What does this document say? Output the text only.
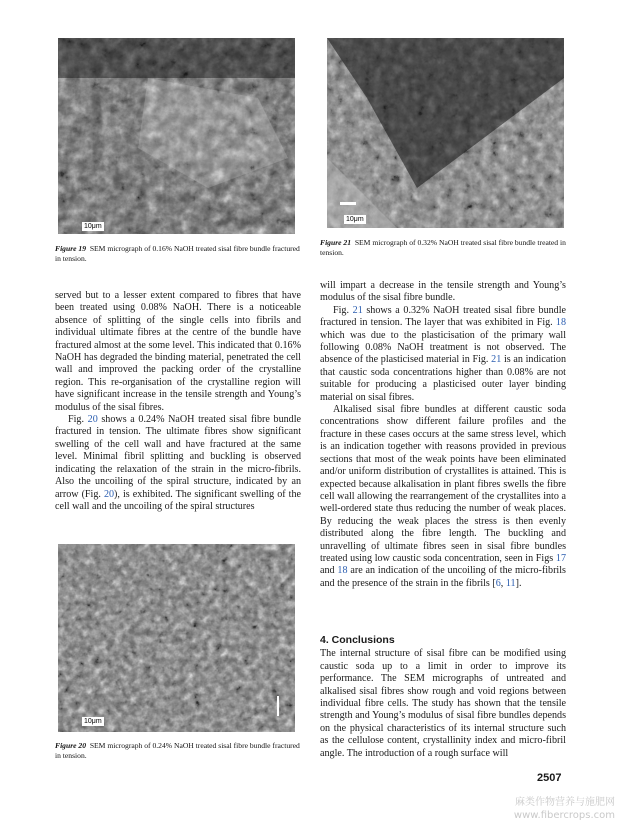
10μm
Figure 19 SEM micrograph of 0.16% NaOH treated sisal fibre bundle fractured in tension.
10μm
Figure 21 SEM micrograph of 0.32% NaOH treated sisal fibre bundle treated in tension.
10μm
Figure 20 SEM micrograph of 0.24% NaOH treated sisal fibre bundle fractured in tension.

served but to a lesser extent compared to fibres that have been treated using 0.08% NaOH. There is a noticeable absence of splitting of the single cells into fibrils and individual ultimate fibres at the centre of the bundle have fractured almost at the some level. This indicated that 0.16% NaOH has degraded the binding material, penetrated the cell wall and improved the packing order of the crystalline region. This re-organisation of the crystalline region will have significant increase in the tensile strength and Young’s modulus of the sisal fibres.

Fig. 20 shows a 0.24% NaOH treated sisal fibre bundle fractured in tension. The ultimate fibres show significant swelling of the cell wall and have fractured at the same level. Minimal fibril splitting and buckling is observed indicating the relaxation of the strain in the micro-fibrils. Also the uncoiling of the spiral structure, indicated by an arrow (Fig. 20), is exhibited. The significant swelling of the cell wall and the uncoiling of the spiral structures

will impart a decrease in the tensile strength and Young’s modulus of the sisal fibre bundle.

Fig. 21 shows a 0.32% NaOH treated sisal fibre bundle fractured in tension. The layer that was exhibited in Fig. 18 which was due to the plasticisation of the primary wall following 0.08% NaOH treatment is not observed. The absence of the plasticised material in Fig. 21 is an indication that caustic soda concentrations higher than 0.08% are not suitable for producing a plasticised outer layer binding material on sisal fibres.

Alkalised sisal fibre bundles at different caustic soda concentrations show different failure profiles and the fracture in these cases occurs at the same stress level, which is an indication together with reasons provided in previous sections that most of the weak points have been eliminated and/or uniform distribution of crystallites is attained. This is expected because alkalisation in plant fibres swells the fibre cell wall allowing the rearrangement of the crystallites into a well-ordered state thus reducing the number of weak places. By reducing the weak places the stress is then evenly distributed along the fibre length. The buckling and unravelling of ultimate fibres seen in sisal fibre bundles treated using low caustic soda concentration, seen in Figs 17 and 18 are an indication of the uncoiling of the micro-fibrils and the presence of the strain in the fibrils [6, 11].

4. Conclusions

The internal structure of sisal fibre can be modified using caustic soda up to a limit in order to improve its performance. The SEM micrographs of untreated and alkalised sisal fibres show rough and void regions between individual fibre cells. The study has shown that the tensile strength and Young’s modulus of sisal fibre bundles depends on the physical characteristics of its internal structure such as the cellulose content, crystallinity index and micro-fibril angle. The introduction of a rough surface will

2507
麻类作物营养与施肥网
www.fibercrops.com
